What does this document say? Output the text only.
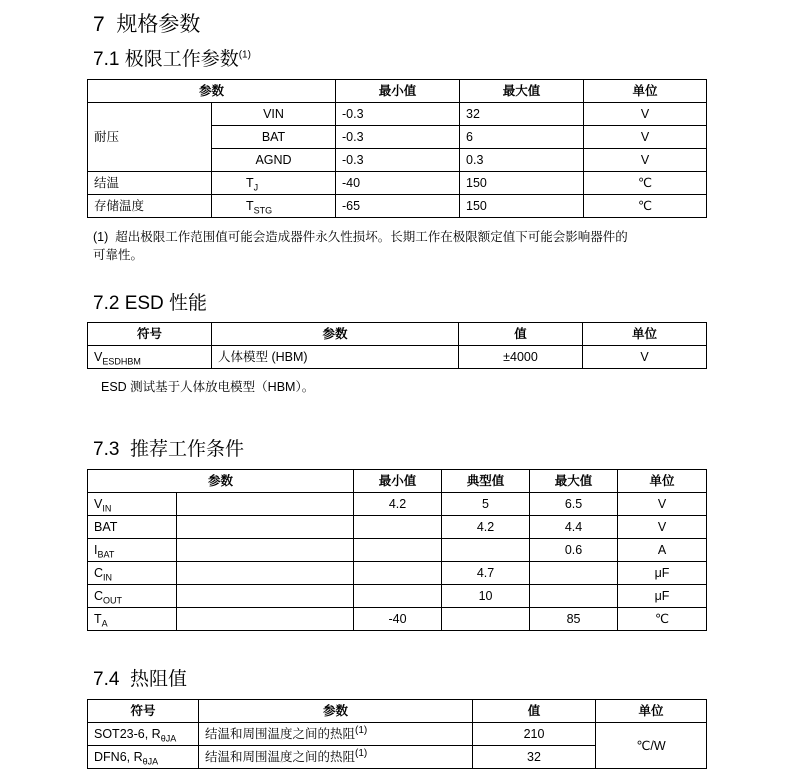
7  规格参数
7.1 极限工作参数$^{(1)}$
参数		最小值	最大值	单位
耐压	VIN	-0.3	32	V
	BAT	-0.3	6	V
	AGND	-0.3	0.3	V
结温	$T_J$	-40	150	℃
存储温度	$T_{STG}$	-65	150	℃
(1)  超出极限工作范围值可能会造成器件永久性损坏。长期工作在极限额定值下可能会影响器件的
可靠性。
7.2 ESD 性能
符号	参数	值	单位
$V_{ESDHBM}$	人体模型 (HBM)	±4000	V
ESD 测试基于人体放电模型（HBM）。
7.3  推荐工作条件
参数		最小值	典型值	最大值	单位
$V_{IN}$		4.2	5	6.5	V
BAT			4.2	4.4	V
$I_{BAT}$				0.6	A
$C_{IN}$			4.7		μF
$C_{OUT}$			10		μF
$T_A$		-40		85	℃
7.4  热阻值
符号	参数	值	单位
SOT23-6, $R_{\theta JA}$	结温和周围温度之间的热阻$^{(1)}$	210	℃/W
DFN6, $R_{\theta JA}$	结温和周围温度之间的热阻$^{(1)}$	32	
